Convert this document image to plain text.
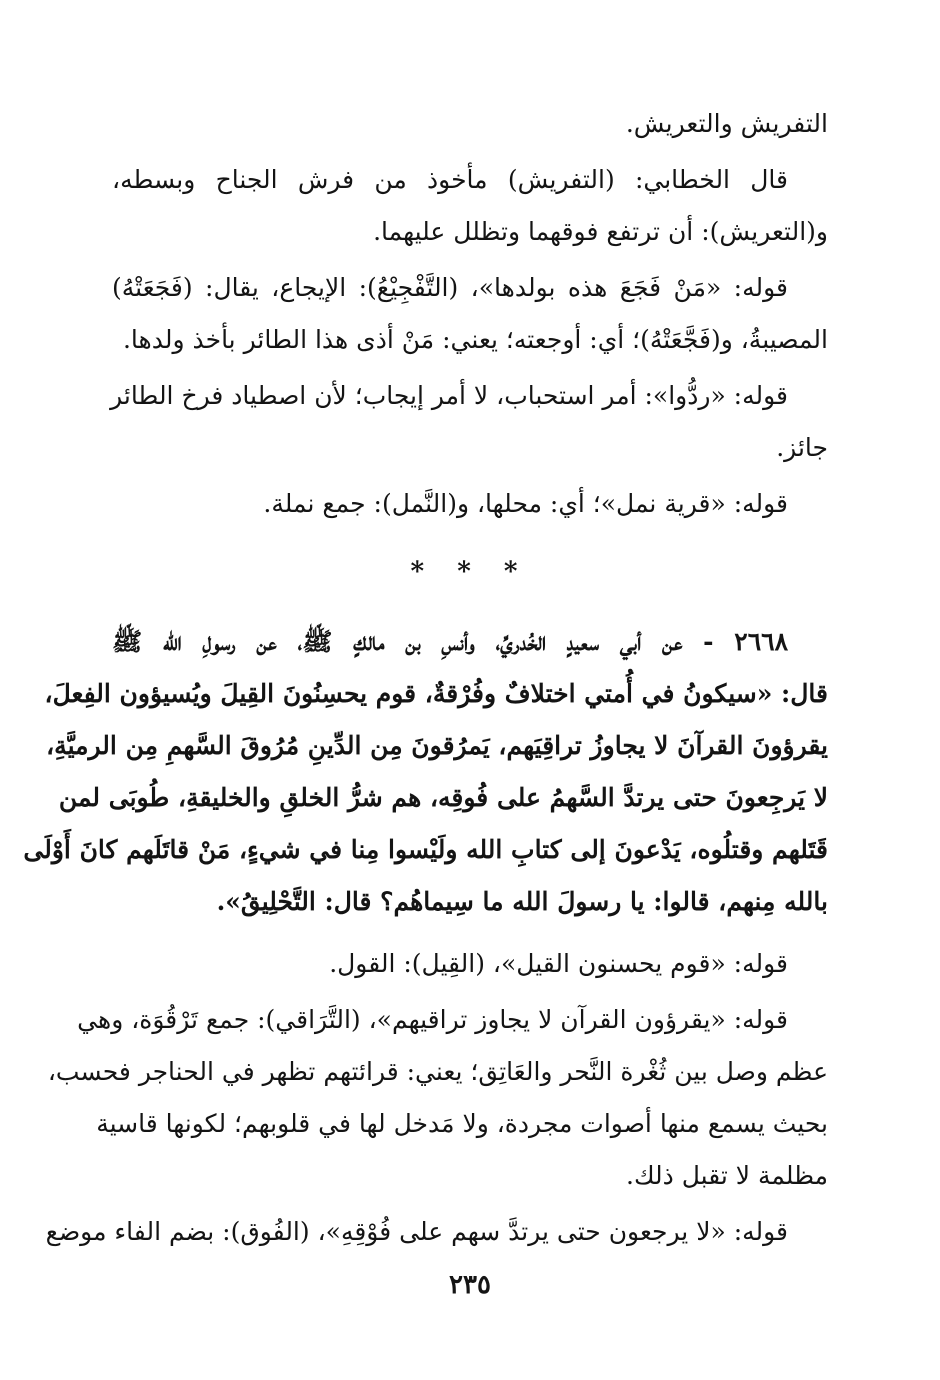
التفريش والتعريش.
قال الخطابي: (التفريش) مأخوذ من فرش الجناح وبسطه،
و(التعريش): أن ترتفع فوقهما وتظلل عليهما.
قوله: «مَنْ فَجَعَ هذه بولدها»، (التَّفْجِيْعُ): الإيجاع، يقال: (فَجَعَتْهُ)
المصيبةُ، و(فَجَّعَتْهُ)؛ أي: أوجعته؛ يعني: مَنْ أذى هذا الطائر بأخذ ولدها.
قوله: «ردُّوا»: أمر استحباب، لا أمر إيجاب؛ لأن اصطياد فرخ الطائر
جائز.
قوله: «قرية نمل»؛ أي: محلها، و(النَّمل): جمع نملة.
* * *
٢٦٦٨ - عن أبي سعيدٍ الخُدريِّ، وأنسِ بن مالكٍ ﷺ، عن رسولِ الله ﷺ
قال: «سيكونُ في أُمتي اختلافٌ وفُرْقةٌ، قوم يحسِنُونَ القِيلَ ويُسيؤون الفِعلَ،
يقرؤونَ القرآنَ لا يجاوزُ تراقِيَهم، يَمرُقونَ مِن الدِّينِ مُرُوقَ السَّهمِ مِن الرميَّةِ،
لا يَرجِعونَ حتى يرتدَّ السَّهمُ على فُوقِه، هم شرُّ الخلقِ والخليقةِ، طُوبَى لمن
قَتَلهم وقتلُوه، يَدْعونَ إلى كتابِ الله ولَيْسوا مِنا في شيءٍ، مَنْ قاتَلَهم كانَ أَوْلَى
بالله مِنهم، قالوا: يا رسولَ الله ما سِيماهُم؟ قال: التَّحْلِيقُ».
قوله: «قوم يحسنون القيل»، (القِيل): القول.
قوله: «يقرؤون القرآن لا يجاوز تراقيهم»، (التَّرَاقي): جمع تَرْقُوَة، وهي
عظم وصل بين ثُغْرة النَّحر والعَاتِق؛ يعني: قرائتهم تظهر في الحناجر فحسب،
بحيث يسمع منها أصوات مجردة، ولا مَدخل لها في قلوبهم؛ لكونها قاسية
مظلمة لا تقبل ذلك.
قوله: «لا يرجعون حتى يرتدَّ سهم على فُوْقِهِ»، (الفُوق): بضم الفاء موضع
٢٣٥
